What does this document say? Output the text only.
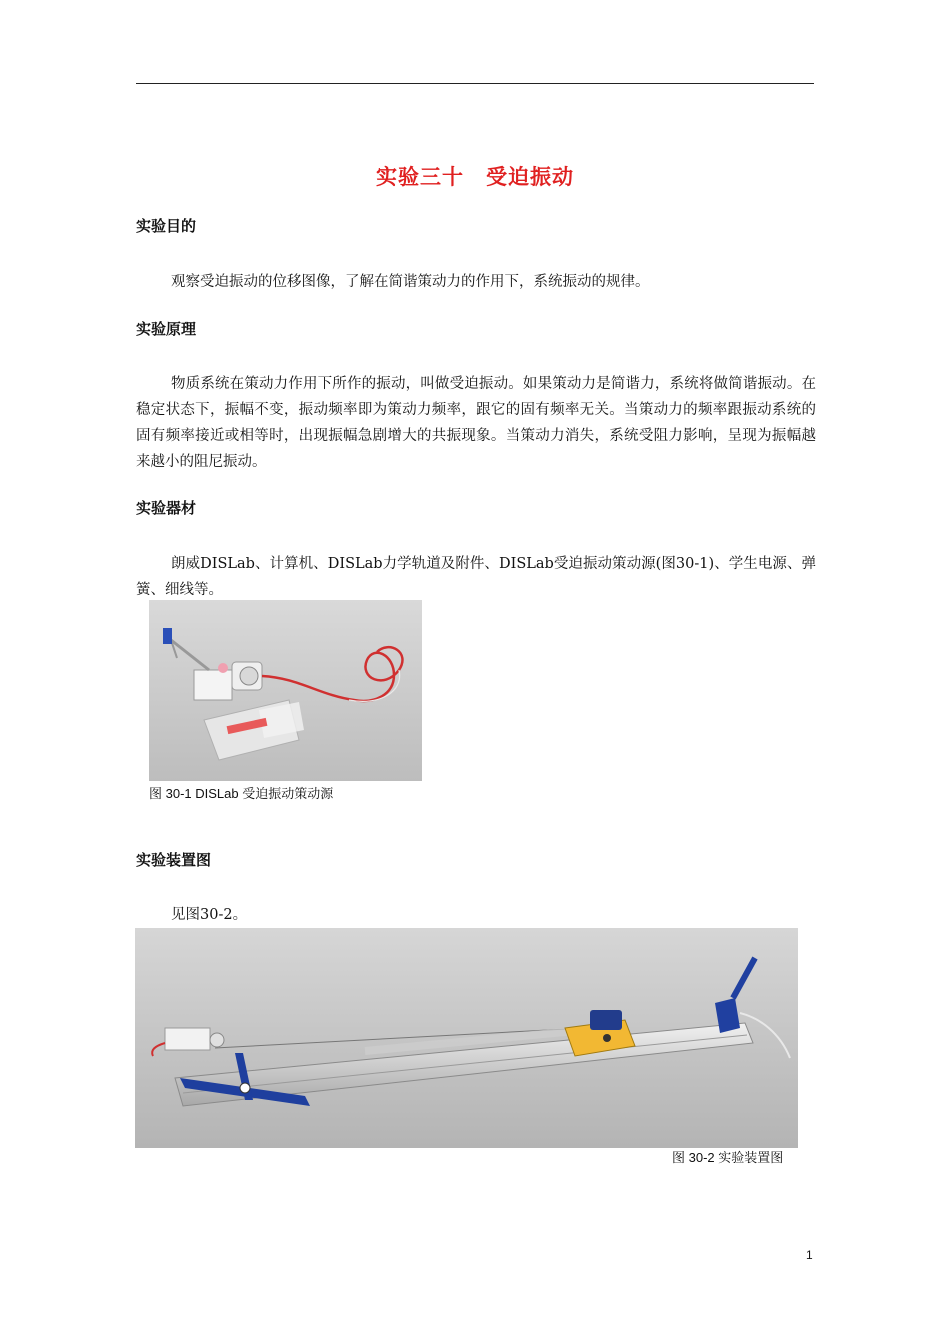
实验三十　受迫振动
实验目的

观察受迫振动的位移图像，了解在简谐策动力的作用下，系统振动的规律。

实验原理

物质系统在策动力作用下所作的振动，叫做受迫振动。如果策动力是简谐力，系统将做简谐振动。在稳定状态下，振幅不变，振动频率即为策动力频率，跟它的固有频率无关。当策动力的频率跟振动系统的固有频率接近或相等时，出现振幅急剧增大的共振现象。当策动力消失，系统受阻力影响，呈现为振幅越来越小的阻尼振动。

实验器材

朗威DISLab、计算机、DISLab力学轨道及附件、DISLab受迫振动策动源(图30-1)、学生电源、弹簧、细线等。

图 30-1 DISLab 受迫振动策动源
实验装置图

见图30-2。

图 30-2 实验装置图
1
